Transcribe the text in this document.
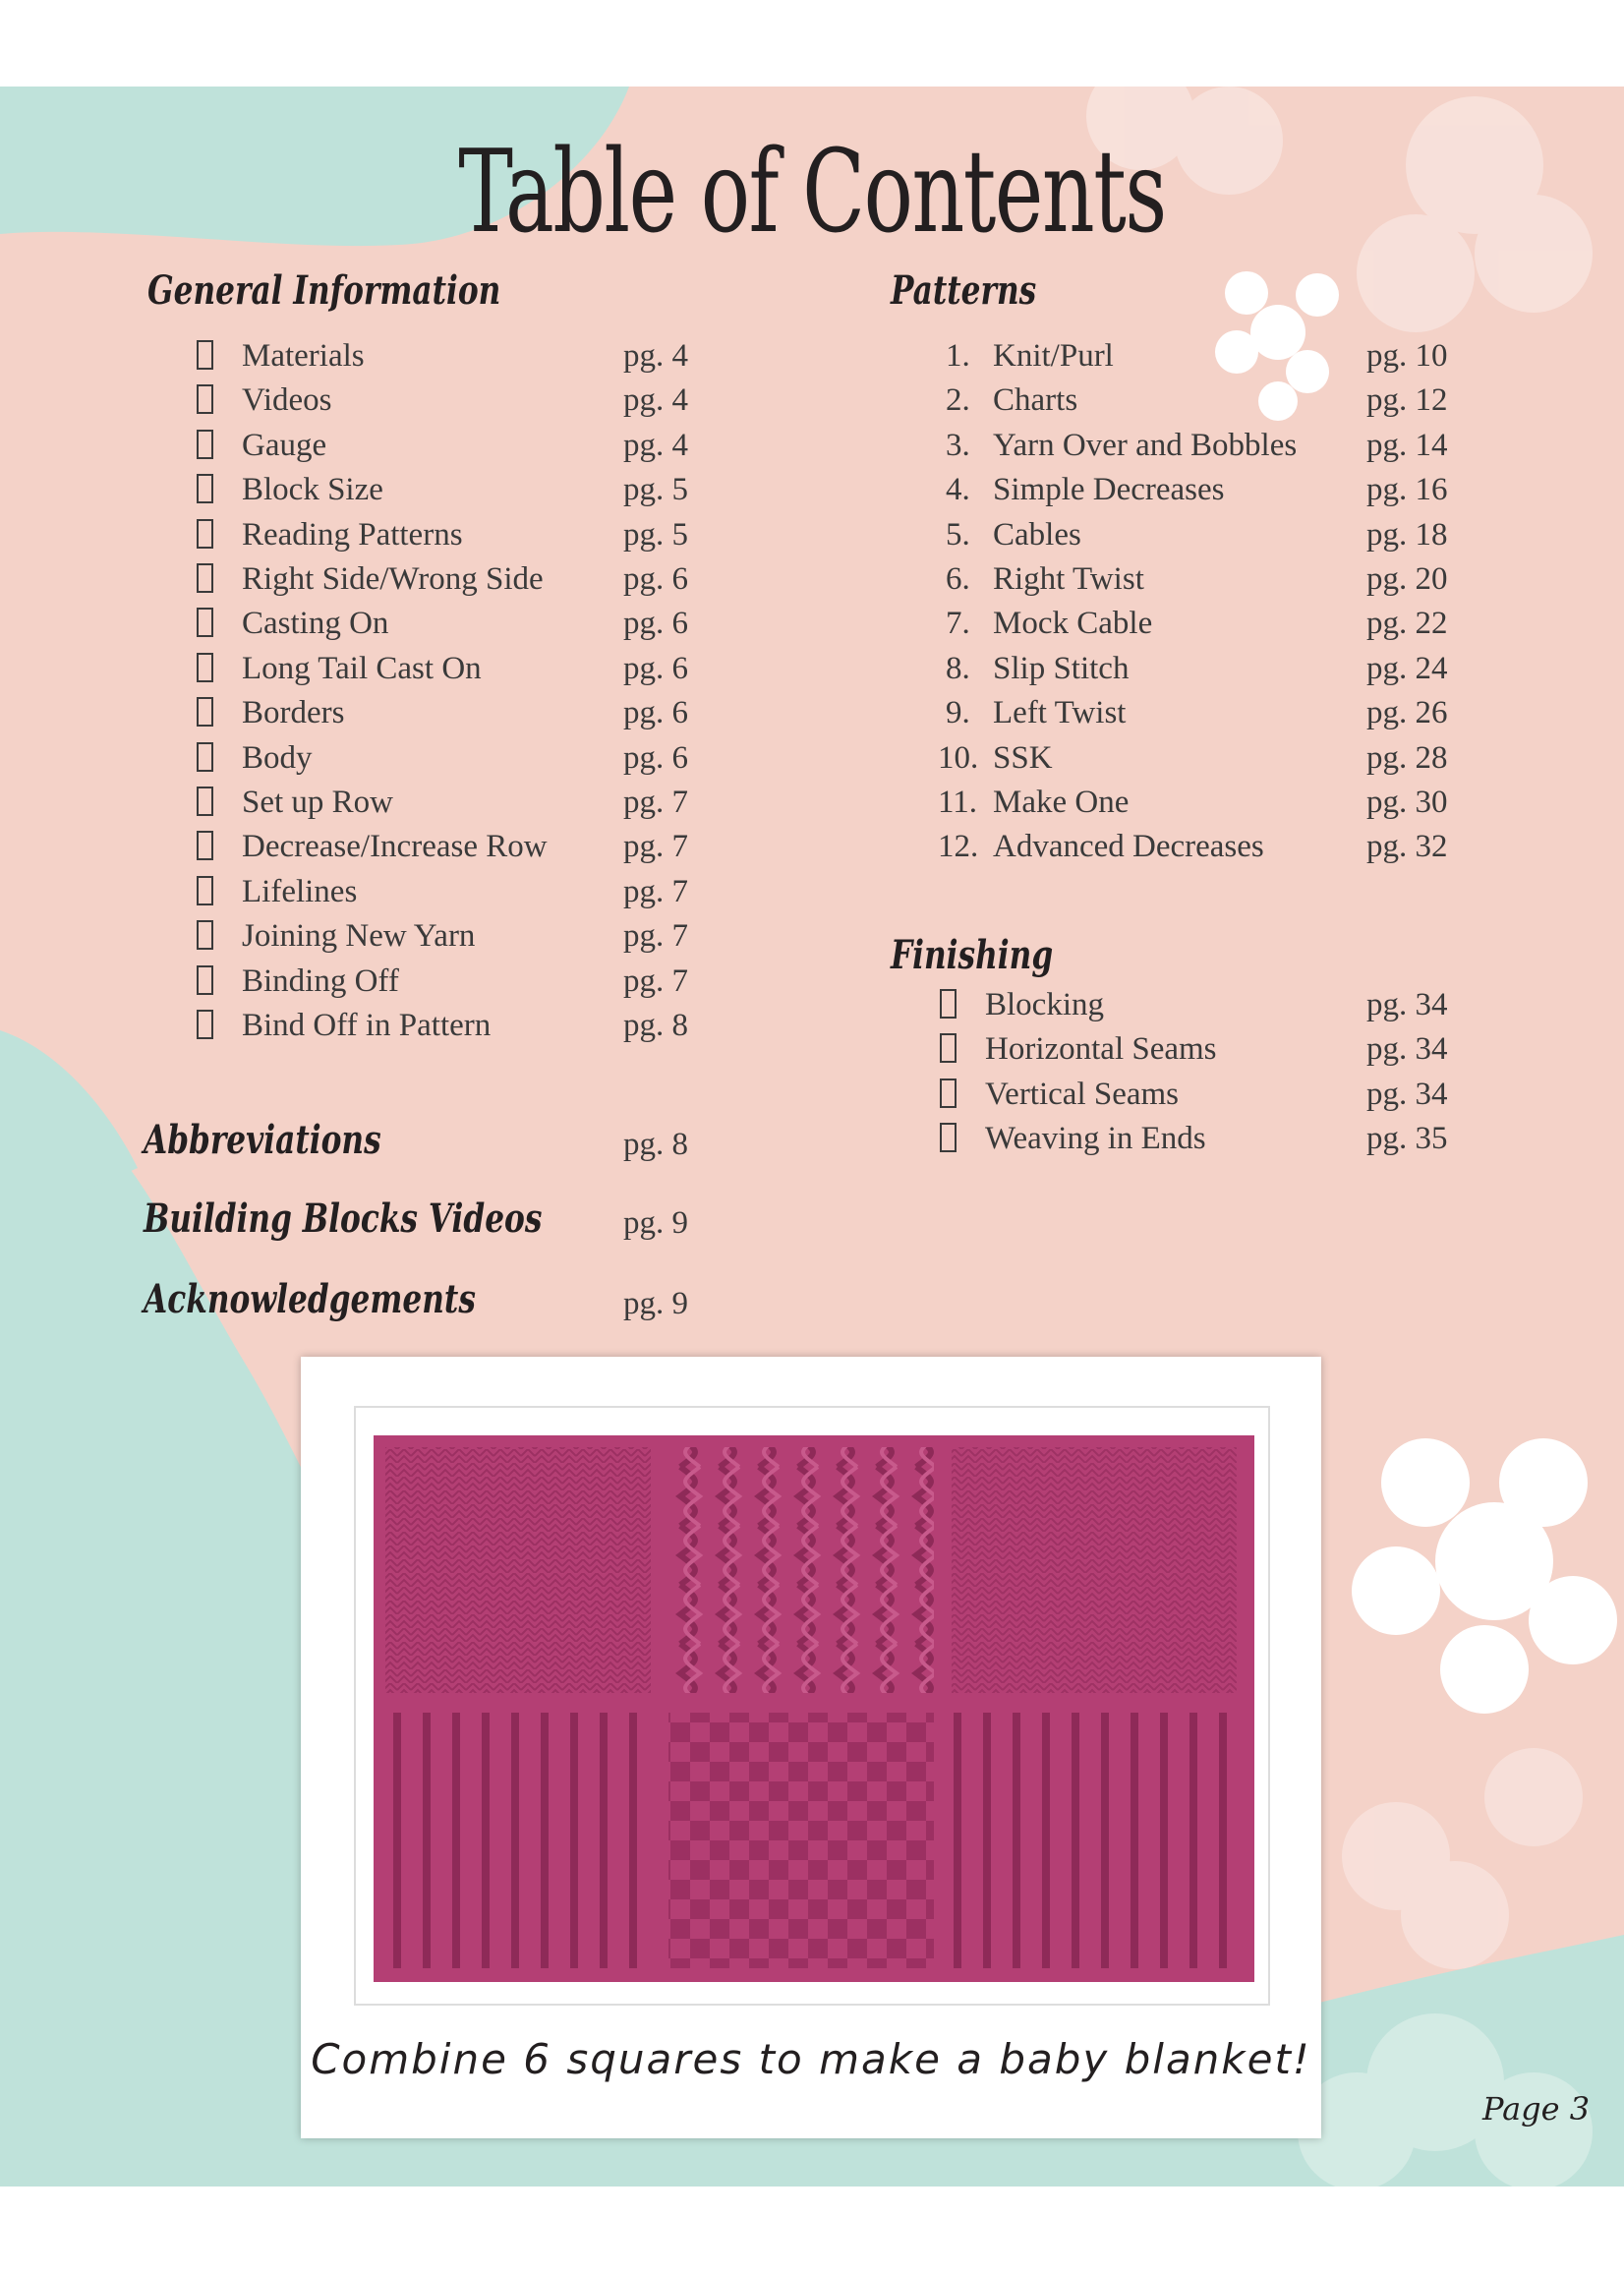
Table of Contents
General Information
Materials	pg. 4
Videos	pg. 4
Gauge	pg. 4
Block Size	pg. 5
Reading Patterns	pg. 5
Right Side/Wrong Side pg. 6
Casting On	pg. 6
Long Tail Cast On	pg. 6
Borders	pg. 6
Body	pg. 6
Set up Row	pg. 7
Decrease/Increase Row pg. 7
Lifelines	pg. 7
Joining New Yarn	pg. 7
Binding Off	pg. 7
Bind Off in Pattern	pg. 8
Abbreviations	pg. 8
Building Blocks Videos	pg. 9
Acknowledgements	pg. 9
Patterns
1. Knit/Purl	pg. 10
2. Charts	pg. 12
3. Yarn Over and Bobbles pg. 14
4. Simple Decreases	pg. 16
5. Cables	pg. 18
6. Right Twist	pg. 20
7. Mock Cable	pg. 22
8. Slip Stitch	pg. 24
9. Left Twist	pg. 26
10. SSK	pg. 28
11. Make One	pg. 30
12. Advanced Decreases	pg. 32
Finishing
Blocking	pg. 34
Horizontal Seams	pg. 34
Vertical Seams	pg. 34
Weaving in Ends	pg. 35
Combine 6 squares to make a baby blanket!
Page 3
